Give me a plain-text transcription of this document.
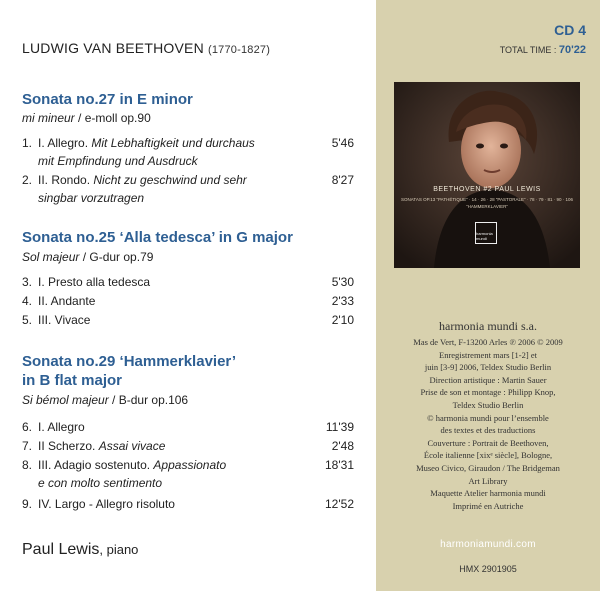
LUDWIG VAN BEETHOVEN (1770-1827)
Sonata no.27 in E minor
mi mineur / e-moll op.90
1. I. Allegro. Mit Lebhaftigkeit und durchaus
mit Empfindung und Ausdruck
5'46
2. II. Rondo. Nicht zu geschwind und sehr
singbar vorzutragen
8'27
Sonata no.25 ‘Alla tedesca’ in G major
Sol majeur / G-dur op.79
3. I. Presto alla tedesca	5'30
4. II. Andante	2'33
5. III. Vivace	2'10
Sonata no.29 ‘Hammerklavier’
in B flat major
Si bémol majeur / B-dur op.106
6. I. Allegro	11'39
7. II Scherzo. Assai vivace	2'48
8. III. Adagio sostenuto. Appassionato
e con molto sentimento
18'31
9. IV. Largo - Allegro risoluto	12'52
Paul Lewis, piano
CD 4
TOTAL TIME : 70'22
BEETHOVEN #2 PAUL LEWIS
SONATAS OP.13 “PATHÉTIQUE” · 14 · 26 · 28 “PASTORALE” · 78 · 79 · 81 · 90 · 106 “HAMMERKLAVIER”
harmonia mundi
harmonia mundi s.a.
Mas de Vert, F-13200 Arles ℗ 2006 © 2009
Enregistrement mars [1-2] et
juin [3-9] 2006, Teldex Studio Berlin
Direction artistique : Martin Sauer
Prise de son et montage : Philipp Knop,
Teldex Studio Berlin
© harmonia mundi pour l’ensemble
des textes et des traductions
Couverture : Portrait de Beethoven,
École italienne [xixᵉ siècle], Bologne,
Museo Civico, Giraudon / The Bridgeman
Art Library
Maquette Atelier harmonia mundi
Imprimé en Autriche
harmoniamundi.com
HMX 2901905
